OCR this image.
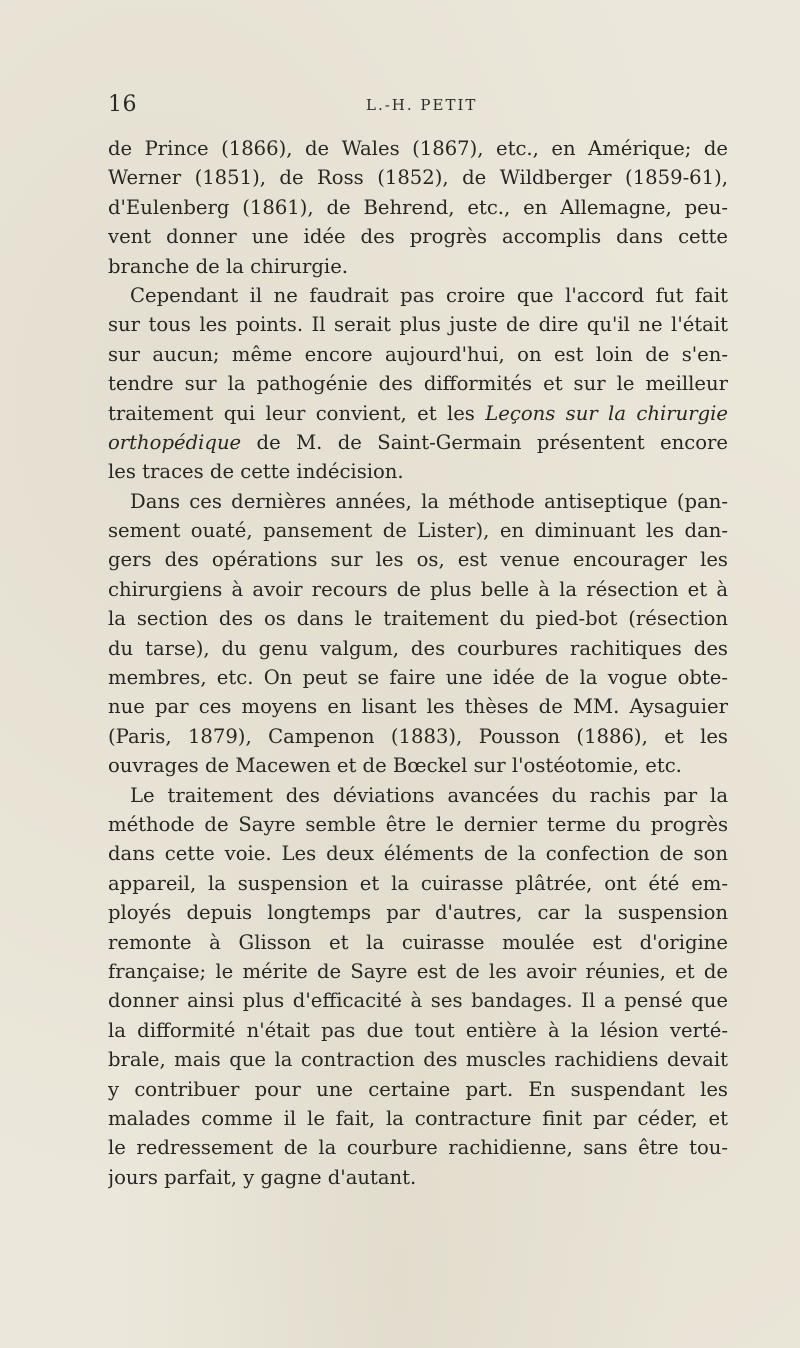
16	L.-H. PETIT
de Prince (1866), de Wales (1867), etc., en Amérique; de
Werner (1851), de Ross (1852), de Wildberger (1859-61),
d'Eulenberg (1861), de Behrend, etc., en Allemagne, peu-
vent donner une idée des progrès accomplis dans cette
branche de la chirurgie.
Cependant il ne faudrait pas croire que l'accord fut fait
sur tous les points. Il serait plus juste de dire qu'il ne l'était
sur aucun; même encore aujourd'hui, on est loin de s'en-
tendre sur la pathogénie des difformités et sur le meilleur
traitement qui leur convient, et les Leçons sur la chirurgie
orthopédique de M. de Saint-Germain présentent encore
les traces de cette indécision.
Dans ces dernières années, la méthode antiseptique (pan-
sement ouaté, pansement de Lister), en diminuant les dan-
gers des opérations sur les os, est venue encourager les
chirurgiens à avoir recours de plus belle à la résection et à
la section des os dans le traitement du pied-bot (résection
du tarse), du genu valgum, des courbures rachitiques des
membres, etc. On peut se faire une idée de la vogue obte-
nue par ces moyens en lisant les thèses de MM. Aysaguier
(Paris, 1879), Campenon (1883), Pousson (1886), et les
ouvrages de Macewen et de Bœckel sur l'ostéotomie, etc.
Le traitement des déviations avancées du rachis par la
méthode de Sayre semble être le dernier terme du progrès
dans cette voie. Les deux éléments de la confection de son
appareil, la suspension et la cuirasse plâtrée, ont été em-
ployés depuis longtemps par d'autres, car la suspension
remonte à Glisson et la cuirasse moulée est d'origine
française; le mérite de Sayre est de les avoir réunies, et de
donner ainsi plus d'efficacité à ses bandages. Il a pensé que
la difformité n'était pas due tout entière à la lésion verté-
brale, mais que la contraction des muscles rachidiens devait
y contribuer pour une certaine part. En suspendant les
malades comme il le fait, la contracture finit par céder, et
le redressement de la courbure rachidienne, sans être tou-
jours parfait, y gagne d'autant.
